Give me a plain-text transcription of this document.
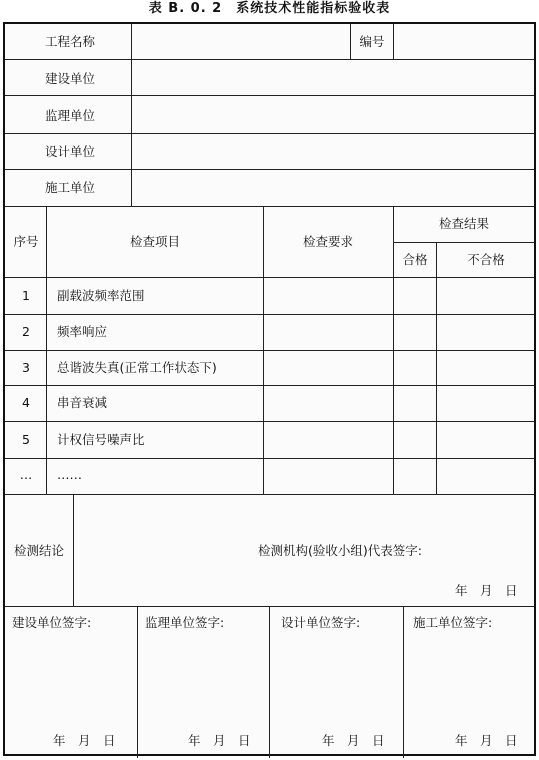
表 B. 0. 2　系统技术性能指标验收表
工程名称	编号
建设单位
监理单位
设计单位
施工单位
序号	检查项目	检查要求
检查结果
合格	不合格
1 副载波频率范围
2 频率响应
3 总谐波失真(正常工作状态下)
4 串音衰减
5 计权信号噪声比
… ……
检测结论	检测机构(验收小组)代表签字:
年　月　日
建设单位签字:
年　月　日
监理单位签字:
年　月　日
设计单位签字:
年　月　日
施工单位签字:
年　月　日
